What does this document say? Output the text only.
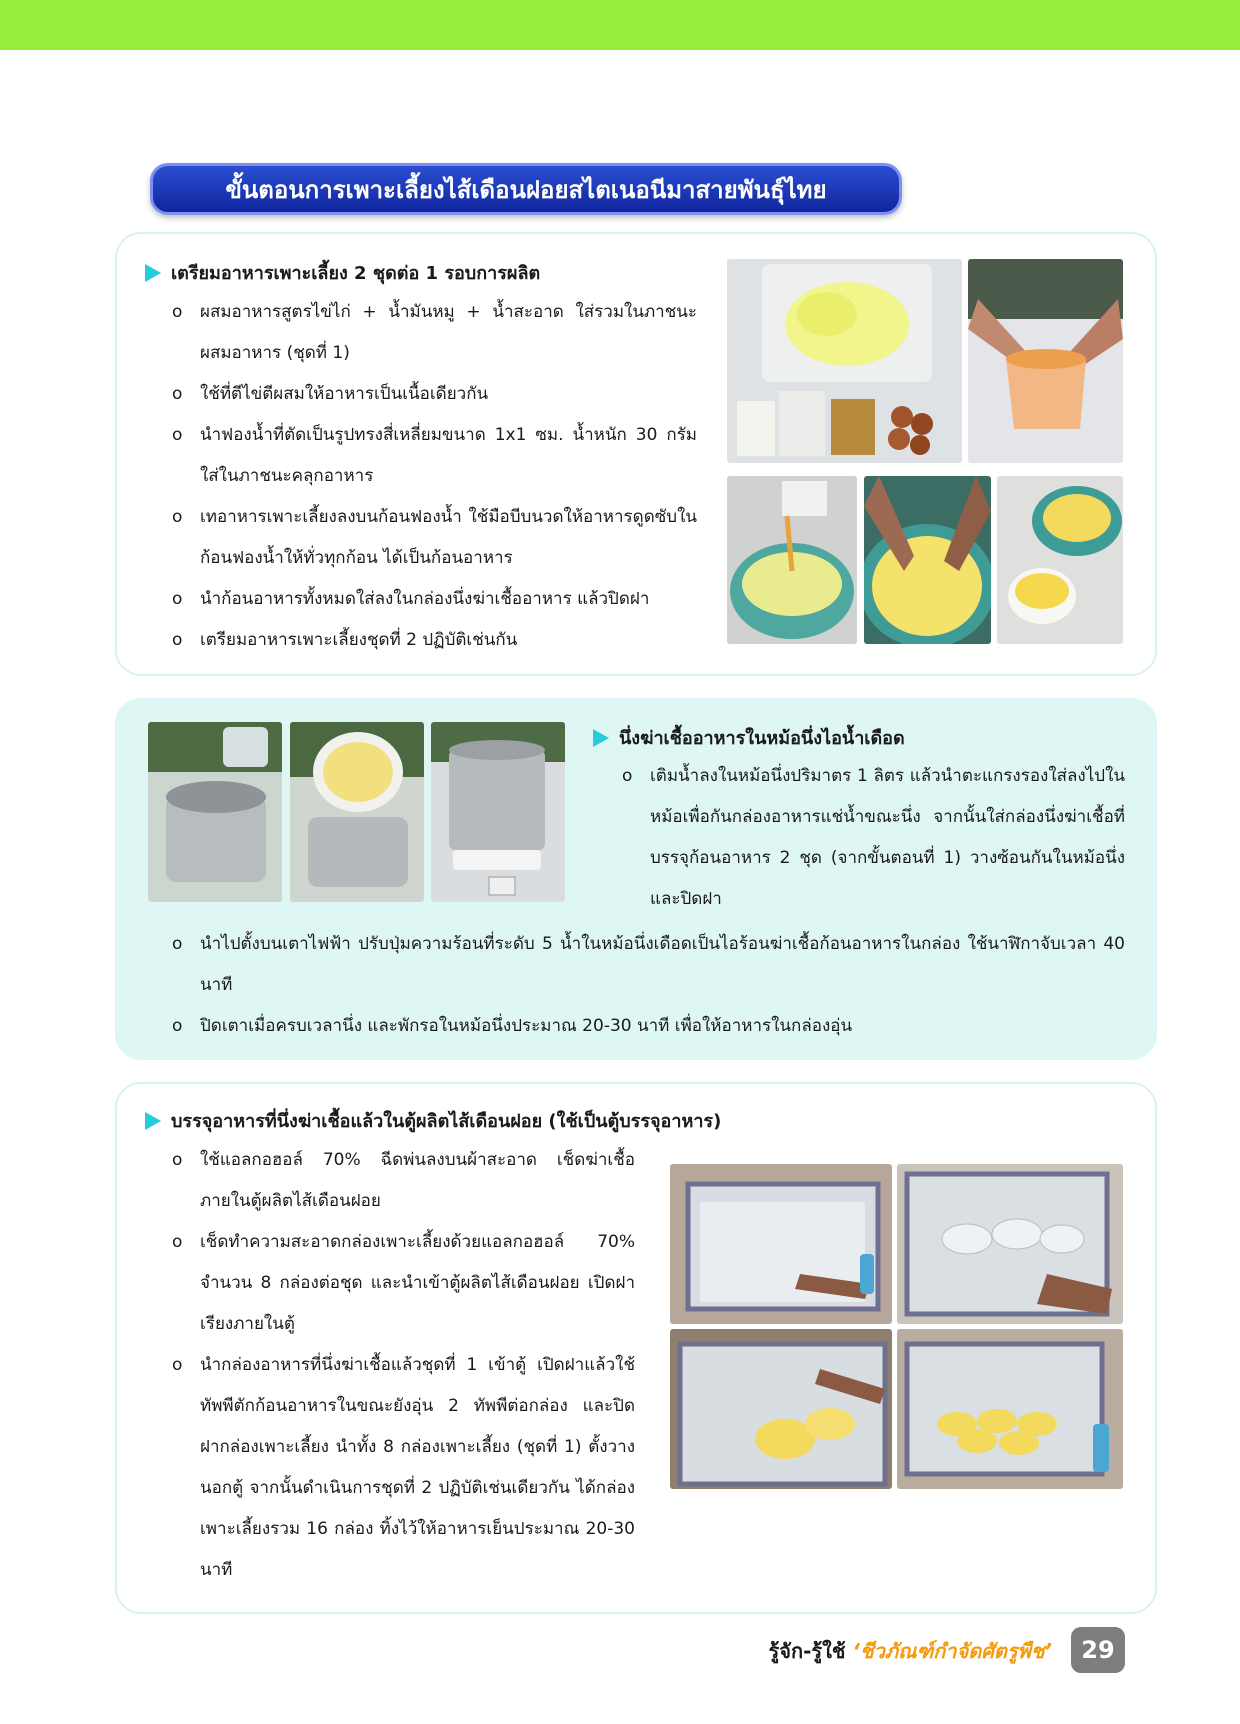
ขั้นตอนการเพาะเลี้ยงไส้เดือนฝอยสไตเนอนีมาสายพันธุ์ไทย
เตรียมอาหารเพาะเลี้ยง 2 ชุดต่อ 1 รอบการผลิต
o ผสมอาหารสูตรไข่ไก่ + น้ำมันหมู + น้ำสะอาด ใส่รวมในภาชนะผสมอาหาร (ชุดที่ 1)
o ใช้ที่ตีไข่ตีผสมให้อาหารเป็นเนื้อเดียวกัน
o นำฟองน้ำที่ตัดเป็นรูปทรงสี่เหลี่ยมขนาด 1x1 ซม. น้ำหนัก 30 กรัม ใส่ในภาชนะคลุกอาหาร
o เทอาหารเพาะเลี้ยงลงบนก้อนฟองน้ำ ใช้มือบีบนวดให้อาหารดูดซับในก้อนฟองน้ำให้ทั่วทุกก้อน ได้เป็นก้อนอาหาร
o นำก้อนอาหารทั้งหมดใส่ลงในกล่องนึ่งฆ่าเชื้ออาหาร แล้วปิดฝา
o เตรียมอาหารเพาะเลี้ยงชุดที่ 2 ปฏิบัติเช่นกัน
นึ่งฆ่าเชื้ออาหารในหม้อนึ่งไอน้ำเดือด
o เติมน้ำลงในหม้อนึ่งปริมาตร 1 ลิตร แล้วนำตะแกรงรองใส่ลงไปในหม้อเพื่อกันกล่องอาหารแช่น้ำขณะนึ่ง จากนั้นใส่กล่องนึ่งฆ่าเชื้อที่บรรจุก้อนอาหาร 2 ชุด (จากขั้นตอนที่ 1) วางซ้อนกันในหม้อนึ่งและปิดฝา
o นำไปตั้งบนเตาไฟฟ้า ปรับปุ่มความร้อนที่ระดับ 5 น้ำในหม้อนึ่งเดือดเป็นไอร้อนฆ่าเชื้อก้อนอาหารในกล่อง ใช้นาฬิกาจับเวลา 40 นาที
o ปิดเตาเมื่อครบเวลานึ่ง และพักรอในหม้อนึ่งประมาณ 20-30 นาที เพื่อให้อาหารในกล่องอุ่น
บรรจุอาหารที่นึ่งฆ่าเชื้อแล้วในตู้ผลิตไส้เดือนฝอย (ใช้เป็นตู้บรรจุอาหาร)
o ใช้แอลกอฮอล์ 70% ฉีดพ่นลงบนผ้าสะอาด เช็ดฆ่าเชื้อภายในตู้ผลิตไส้เดือนฝอย
o เช็ดทำความสะอาดกล่องเพาะเลี้ยงด้วยแอลกอฮอล์ 70% จำนวน 8 กล่องต่อชุด และนำเข้าตู้ผลิตไส้เดือนฝอย เปิดฝาเรียงภายในตู้
o นำกล่องอาหารที่นึ่งฆ่าเชื้อแล้วชุดที่ 1 เข้าตู้ เปิดฝาแล้วใช้ทัพพีตักก้อนอาหารในขณะยังอุ่น 2 ทัพพีต่อกล่อง และปิดฝากล่องเพาะเลี้ยง นำทั้ง 8 กล่องเพาะเลี้ยง (ชุดที่ 1) ตั้งวางนอกตู้ จากนั้นดำเนินการชุดที่ 2 ปฏิบัติเช่นเดียวกัน ได้กล่องเพาะเลี้ยงรวม 16 กล่อง ทิ้งไว้ให้อาหารเย็นประมาณ 20-30 นาที
รู้จัก-รู้ใช้ ‘ชีวภัณฑ์กำจัดศัตรูพืช’	29
